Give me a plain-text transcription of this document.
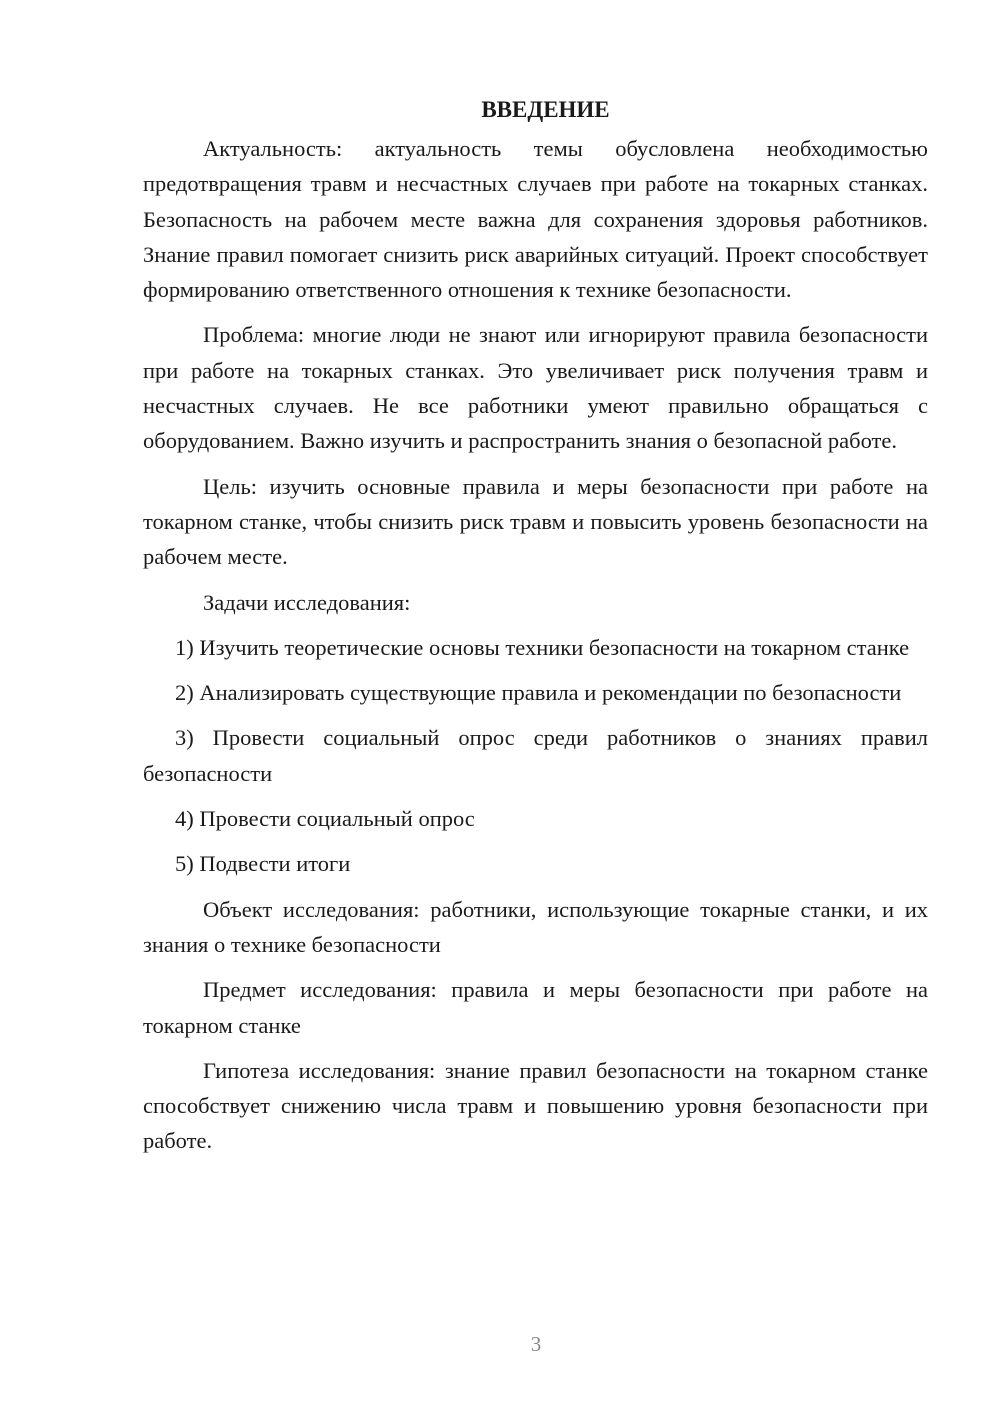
ВВЕДЕНИЕ

Актуальность: актуальность темы обусловлена необходимостью предотвращения травм и несчастных случаев при работе на токарных станках. Безопасность на рабочем месте важна для сохранения здоровья работников. Знание правил помогает снизить риск аварийных ситуаций. Проект способствует формированию ответственного отношения к технике безопасности.

Проблема: многие люди не знают или игнорируют правила безопасности при работе на токарных станках. Это увеличивает риск получения травм и несчастных случаев. Не все работники умеют правильно обращаться с оборудованием. Важно изучить и распространить знания о безопасной работе.

Цель: изучить основные правила и меры безопасности при работе на токарном станке, чтобы снизить риск травм и повысить уровень безопасности на рабочем месте.

Задачи исследования:

1) Изучить теоретические основы техники безопасности на токарном станке

2) Анализировать существующие правила и рекомендации по безопасности

3) Провести социальный опрос среди работников о знаниях правил безопасности

4) Провести социальный опрос

5) Подвести итоги

Объект исследования: работники, использующие токарные станки, и их знания о технике безопасности

Предмет исследования: правила и меры безопасности при работе на токарном станке

Гипотеза исследования: знание правил безопасности на токарном станке способствует снижению числа травм и повышению уровня безопасности при работе.

3
